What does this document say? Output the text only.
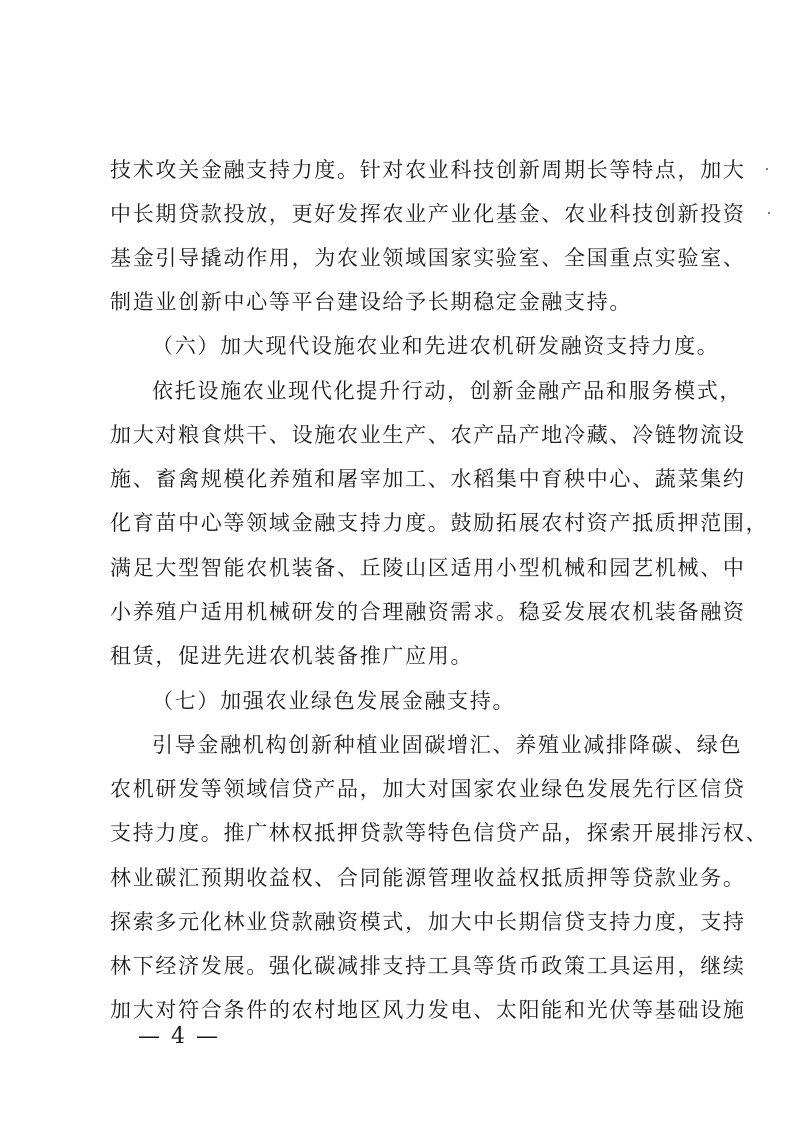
技术攻关金融支持力度。针对农业科技创新周期长等特点，加大
中长期贷款投放，更好发挥农业产业化基金、农业科技创新投资
基金引导撬动作用，为农业领域国家实验室、全国重点实验室、
制造业创新中心等平台建设给予长期稳定金融支持。
（六）加大现代设施农业和先进农机研发融资支持力度。
依托设施农业现代化提升行动，创新金融产品和服务模式，
加大对粮食烘干、设施农业生产、农产品产地冷藏、冷链物流设
施、畜禽规模化养殖和屠宰加工、水稻集中育秧中心、蔬菜集约
化育苗中心等领域金融支持力度。鼓励拓展农村资产抵质押范围，
满足大型智能农机装备、丘陵山区适用小型机械和园艺机械、中
小养殖户适用机械研发的合理融资需求。稳妥发展农机装备融资
租赁，促进先进农机装备推广应用。
（七）加强农业绿色发展金融支持。
引导金融机构创新种植业固碳增汇、养殖业减排降碳、绿色
农机研发等领域信贷产品，加大对国家农业绿色发展先行区信贷
支持力度。推广林权抵押贷款等特色信贷产品，探索开展排污权、
林业碳汇预期收益权、合同能源管理收益权抵质押等贷款业务。
探索多元化林业贷款融资模式，加大中长期信贷支持力度，支持
林下经济发展。强化碳减排支持工具等货币政策工具运用，继续
加大对符合条件的农村地区风力发电、太阳能和光伏等基础设施
— 4 —
